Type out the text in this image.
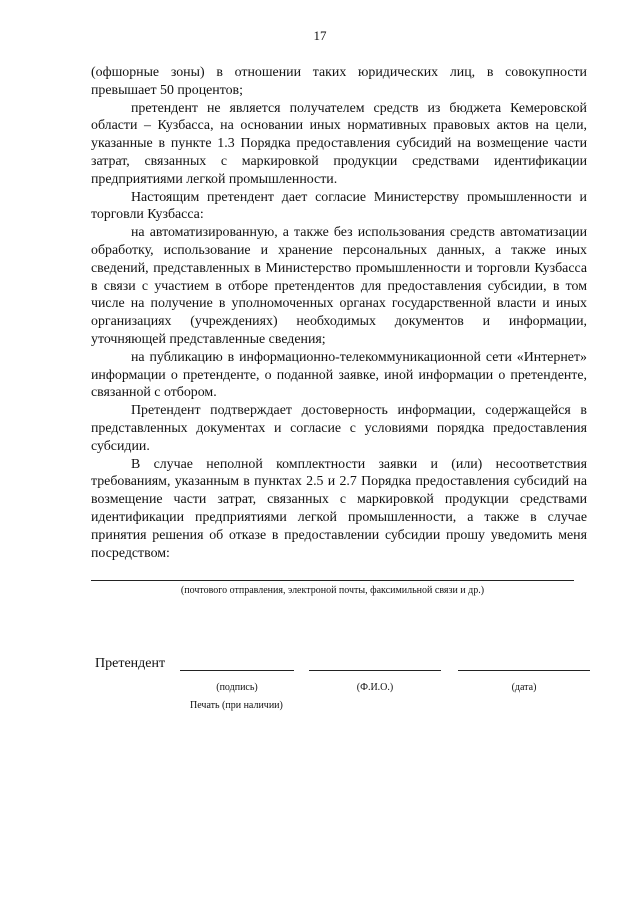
17

(офшорные зоны) в отношении таких юридических лиц, в совокупности превышает 50 процентов;

претендент не является получателем средств из бюджета Кемеровской области – Кузбасса, на основании иных нормативных правовых актов на цели, указанные в пункте 1.3 Порядка предоставления субсидий на возмещение части затрат, связанных с маркировкой продукции средствами идентификации предприятиями легкой промышленности.

Настоящим претендент дает согласие Министерству промышленности и торговли Кузбасса:

на автоматизированную, а также без использования средств автоматизации обработку, использование и хранение персональных данных, а также иных сведений, представленных в Министерство промышленности и торговли Кузбасса в связи с участием в отборе претендентов для предоставления субсидии, в том числе на получение в уполномоченных органах государственной власти и иных организациях (учреждениях) необходимых документов и информации, уточняющей представленные сведения;

на публикацию в информационно-телекоммуникационной сети «Интернет» информации о претенденте, о поданной заявке, иной информации о претенденте, связанной с отбором.

Претендент подтверждает достоверность информации, содержащейся в представленных документах и согласие с условиями порядка предоставления субсидии.

В случае неполной комплектности заявки и (или) несоответствия требованиям, указанным в пунктах 2.5 и 2.7 Порядка предоставления субсидий на возмещение части затрат, связанных с маркировкой продукции средствами идентификации предприятиями легкой промышленности, а также в случае принятия решения об отказе в предоставлении субсидии прошу уведомить меня посредством:

(почтового отправления, электроной почты, факсимильной связи и др.)
Претендент
(подпись)	(Ф.И.О.)	(дата)
Печать (при наличии)
